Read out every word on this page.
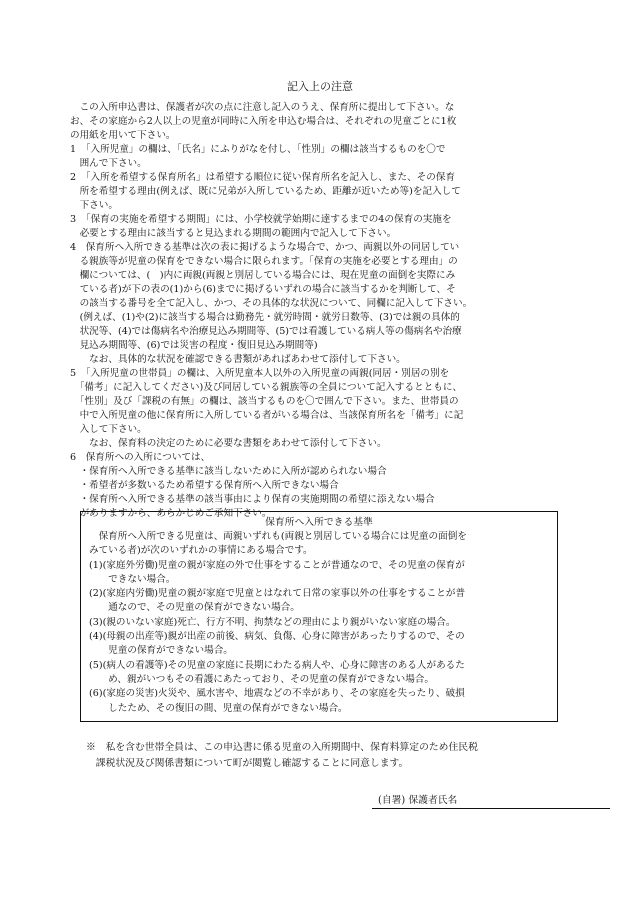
記入上の注意
　この入所申込書は、保護者が次の点に注意し記入のうえ、保育所に提出して下さい。な
お、その家庭から2人以上の児童が同時に入所を申込む場合は、それぞれの児童ごとに1枚
の用紙を用いて下さい。
1　「入所児童」の欄は、「氏名」にふりがなを付し、「性別」の欄は該当するものを〇で
　囲んで下さい。
2　「入所を希望する保育所名」は希望する順位に従い保育所名を記入し、また、その保育
　所を希望する理由(例えば、既に兄弟が入所しているため、距離が近いため等)を記入して
　下さい。
3　「保育の実施を希望する期間」には、小学校就学始期に達するまでの4の保育の実施を
　必要とする理由に該当すると見込まれる期間の範囲内で記入して下さい。
4　保育所へ入所できる基準は次の表に掲げるような場合で、かつ、両親以外の同居してい
　る親族等が児童の保育をできない場合に限られます。「保育の実施を必要とする理由」の
　欄については、(　)内に両親(両親と別居している場合には、現在児童の面倒を実際にみ
　ている者)が下の表の(1)から(6)までに掲げるいずれの場合に該当するかを判断して、そ
　の該当する番号を全て記入し、かつ、その具体的な状況について、同欄に記入して下さい。
　(例えば、(1)や(2)に該当する場合は勤務先・就労時間・就労日数等、(3)では親の具体的
　状況等、(4)では傷病名や治療見込み期間等、(5)では看護している病人等の傷病名や治療
　見込み期間等、(6)では災害の程度・復旧見込み期間等)
　　なお、具体的な状況を確認できる書類があればあわせて添付して下さい。
5　「入所児童の世帯員」の欄は、入所児童本人以外の入所児童の両親(同居・別居の別を
　「備考」に記入してください)及び同居している親族等の全員について記入するとともに、
　「性別」及び「課税の有無」の欄は、該当するものを〇で囲んで下さい。また、世帯員の
　中で入所児童の他に保育所に入所している者がいる場合は、当該保育所名を「備考」に記
　入して下さい。
　　なお、保育料の決定のために必要な書類をあわせて添付して下さい。
6　保育所への入所については、
　・保育所へ入所できる基準に該当しないために入所が認められない場合
　・希望者が多数いるため希望する保育所へ入所できない場合
　・保育所へ入所できる基準の該当事由により保育の実施期間の希望に添えない場合
　がありますから、あらかじめご承知下さい。
保育所へ入所できる基準
　保育所へ入所できる児童は、両親いずれも(両親と別居している場合には児童の面倒を
みている者)が次のいずれかの事情にある場合です。
(1)(家庭外労働)児童の親が家庭の外で仕事をすることが普通なので、その児童の保育が
　　できない場合。
(2)(家庭内労働)児童の親が家庭で児童とはなれて日常の家事以外の仕事をすることが普
　　通なので、その児童の保育ができない場合。
(3)(親のいない家庭)死亡、行方不明、拘禁などの理由により親がいない家庭の場合。
(4)(母親の出産等)親が出産の前後、病気、負傷、心身に障害があったりするので、その
　　児童の保育ができない場合。
(5)(病人の看護等)その児童の家庭に長期にわたる病人や、心身に障害のある人があるた
　　め、親がいつもその看護にあたっており、その児童の保育ができない場合。
(6)(家庭の災害)火災や、風水害や、地震などの不幸があり、その家庭を失ったり、破損
　　したため、その復旧の間、児童の保育ができない場合。
※　私を含む世帯全員は、この申込書に係る児童の入所期間中、保育料算定のため住民税
　課税状況及び関係書類について町が閲覧し確認することに同意します。
(自署) 保護者氏名
